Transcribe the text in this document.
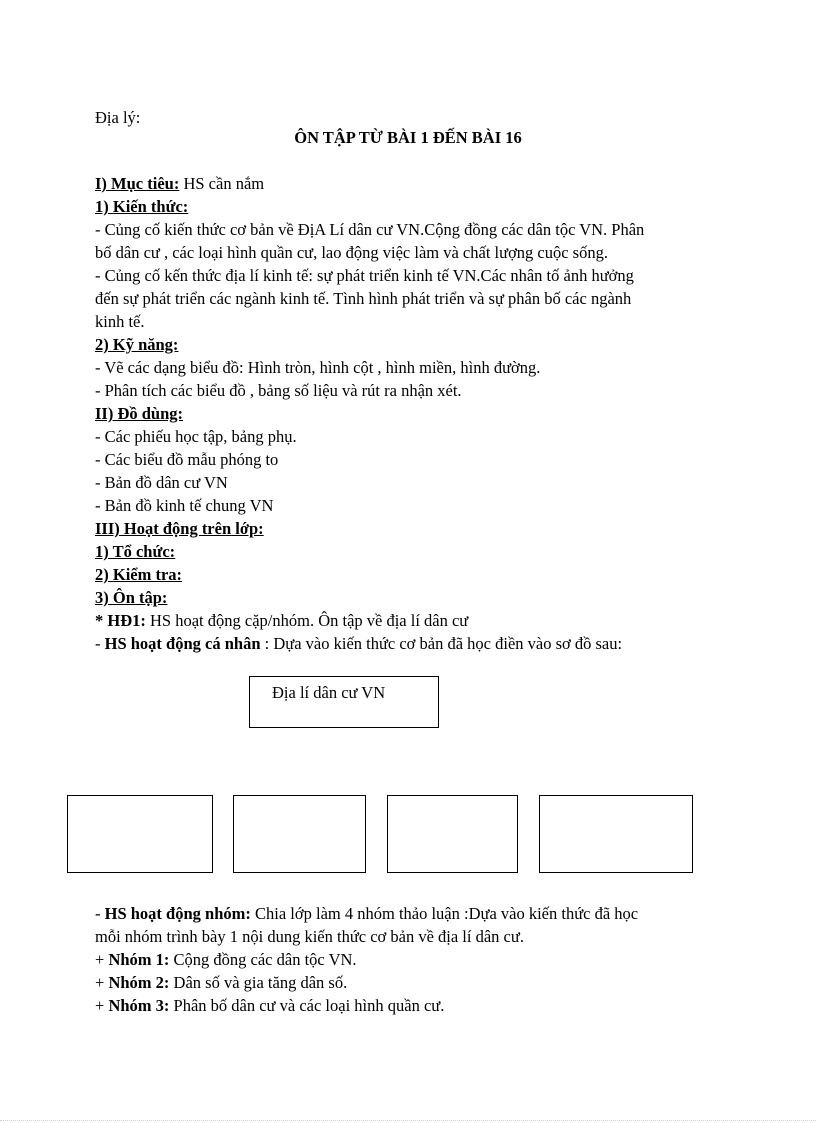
Địa lý:
ÔN TẬP TỪ BÀI 1 ĐẾN BÀI 16
I) Mục tiêu: HS cần nắm
1) Kiến thức:
- Củng cố kiến thức cơ bản về ĐịA Lí dân cư VN.Cộng đồng các dân tộc VN. Phân
bố dân cư , các loại hình quần cư, lao động việc làm và chất lượng cuộc sống.
- Củng cố kến thức địa lí kinh tế: sự phát triển kinh tế VN.Các nhân tố ảnh hưởng
đến sự phát triển các ngành kinh tế. Tình hình phát triển và sự phân bố các ngành
kinh tế.
2) Kỹ năng:
- Vẽ các dạng biểu đồ: Hình tròn, hình cột , hình miền, hình đường.
- Phân tích các biểu đồ , bảng số liệu và rút ra nhận xét.
II) Đồ dùng:
- Các phiếu học tập, bảng phụ.
- Các biểu đồ mẫu phóng to
- Bản đồ dân cư VN
- Bản đồ kinh tế chung VN
III) Hoạt động trên lớp:
1) Tổ chức:
2) Kiểm tra:
3) Ôn tập:
* HĐ1: HS hoạt động cặp/nhóm. Ôn tập về địa lí dân cư
- HS hoạt động cá nhân : Dựa vào kiến thức cơ bản đã học điền vào sơ đồ sau:
Địa lí dân cư VN
- HS hoạt động nhóm: Chia lớp làm 4 nhóm thảo luận :Dựa vào kiến thức đã học
mỗi nhóm trình bày 1 nội dung kiến thức cơ bản về địa lí dân cư.
+ Nhóm 1: Cộng đồng các dân tộc VN.
+ Nhóm 2: Dân số và gia tăng dân số.
+ Nhóm 3: Phân bố dân cư và các loại hình quần cư.
